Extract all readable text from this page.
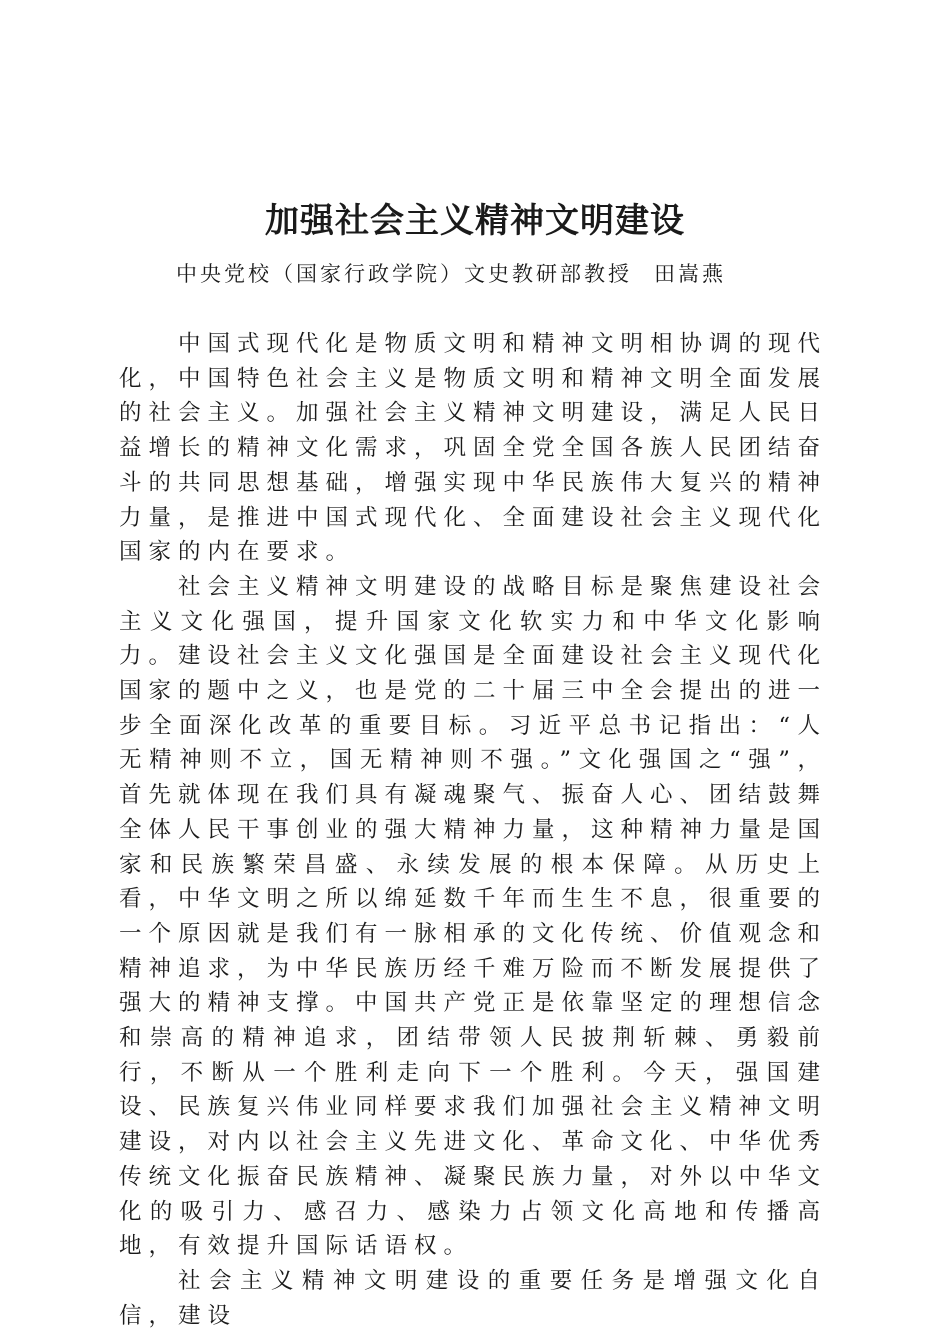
加强社会主义精神文明建设
中央党校（国家行政学院）文史教研部教授 田嵩燕

中国式现代化是物质文明和精神文明相协调的现代化，中国特色社会主义是物质文明和精神文明全面发展的社会主义。加强社会主义精神文明建设，满足人民日益增长的精神文化需求，巩固全党全国各族人民团结奋斗的共同思想基础，增强实现中华民族伟大复兴的精神力量，是推进中国式现代化、全面建设社会主义现代化国家的内在要求。

社会主义精神文明建设的战略目标是聚焦建设社会主义文化强国，提升国家文化软实力和中华文化影响力。建设社会主义文化强国是全面建设社会主义现代化国家的题中之义，也是党的二十届三中全会提出的进一步全面深化改革的重要目标。习近平总书记指出：“人无精神则不立，国无精神则不强。”文化强国之“强”，首先就体现在我们具有凝魂聚气、振奋人心、团结鼓舞全体人民干事创业的强大精神力量，这种精神力量是国家和民族繁荣昌盛、永续发展的根本保障。从历史上看，中华文明之所以绵延数千年而生生不息，很重要的一个原因就是我们有一脉相承的文化传统、价值观念和精神追求，为中华民族历经千难万险而不断发展提供了强大的精神支撑。中国共产党正是依靠坚定的理想信念和崇高的精神追求，团结带领人民披荆斩棘、勇毅前行，不断从一个胜利走向下一个胜利。今天，强国建设、民族复兴伟业同样要求我们加强社会主义精神文明建设，对内以社会主义先进文化、革命文化、中华优秀传统文化振奋民族精神、凝聚民族力量，对外以中华文化的吸引力、感召力、感染力占领文化高地和传播高地，有效提升国际话语权。

社会主义精神文明建设的重要任务是增强文化自信，建设
